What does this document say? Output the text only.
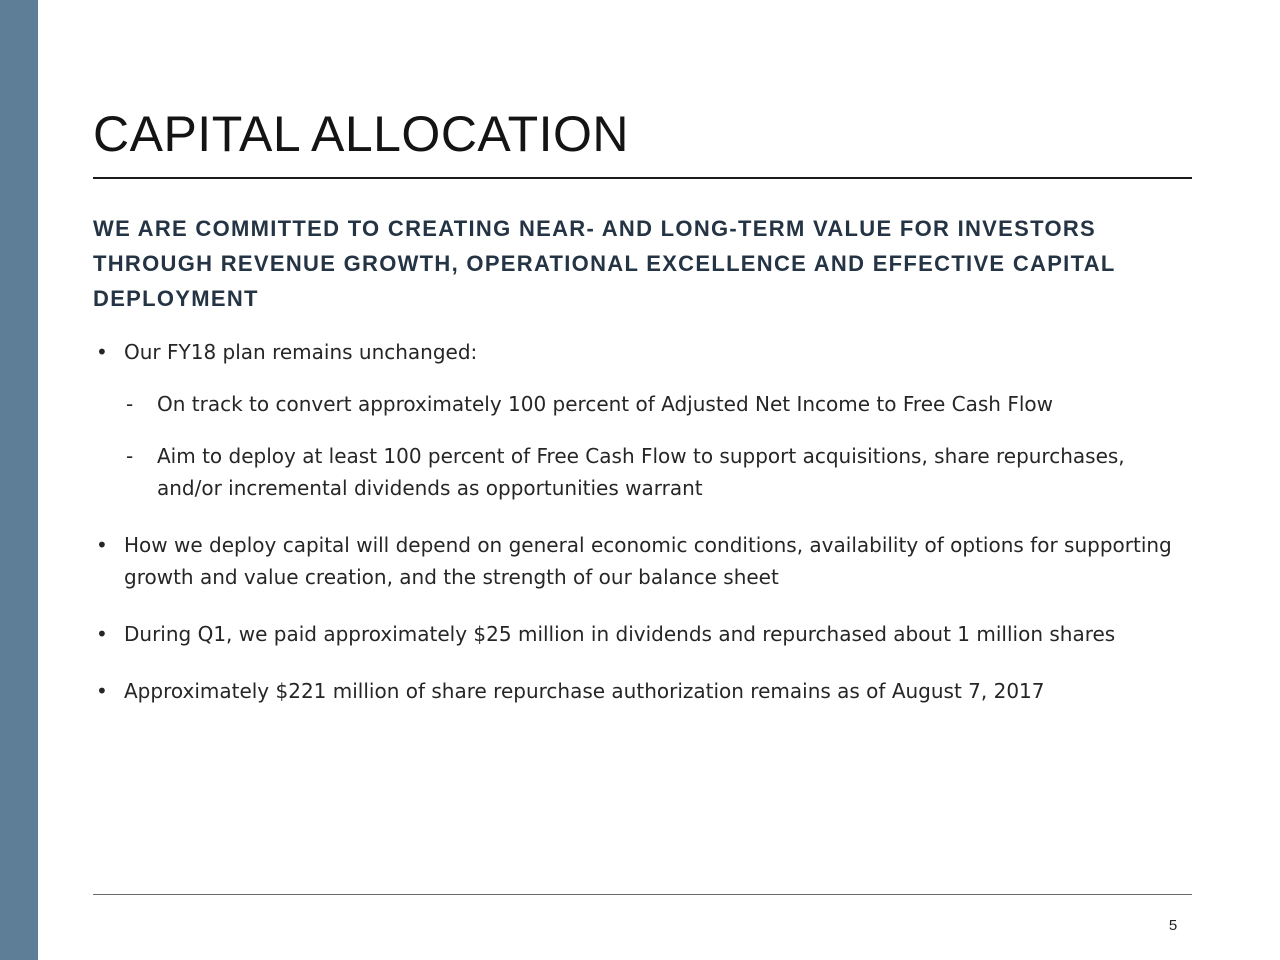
CAPITAL ALLOCATION

WE ARE COMMITTED TO CREATING NEAR- AND LONG-TERM VALUE FOR INVESTORS THROUGH REVENUE GROWTH, OPERATIONAL EXCELLENCE AND EFFECTIVE CAPITAL DEPLOYMENT

• Our FY18 plan remains unchanged:
- On track to convert approximately 100 percent of Adjusted Net Income to Free Cash Flow
- Aim to deploy at least 100 percent of Free Cash Flow to support acquisitions, share repurchases, and/or incremental dividends as opportunities warrant
• How we deploy capital will depend on general economic conditions, availability of options for supporting growth and value creation, and the strength of our balance sheet
• During Q1, we paid approximately $25 million in dividends and repurchased about 1 million shares
• Approximately $221 million of share repurchase authorization remains as of August 7, 2017
5
